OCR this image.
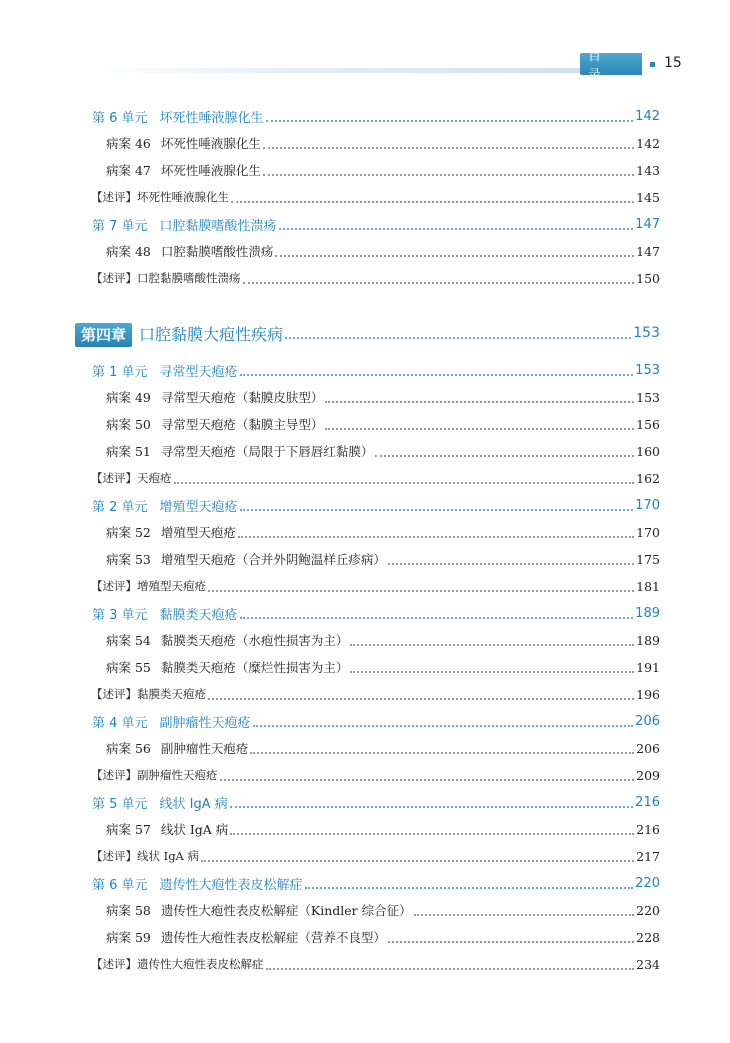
目 录
15
第 6 单元 坏死性唾液腺化生	142
病案 46 坏死性唾液腺化生	142
病案 47 坏死性唾液腺化生	143
【述评】坏死性唾液腺化生	145
第 7 单元 口腔黏膜嗜酸性溃疡	147
病案 48 口腔黏膜嗜酸性溃疡	147
【述评】口腔黏膜嗜酸性溃疡	150
第四章 口腔黏膜大疱性疾病	153
第 1 单元 寻常型天疱疮	153
病案 49 寻常型天疱疮（黏膜皮肤型）	153
病案 50 寻常型天疱疮（黏膜主导型）	156
病案 51 寻常型天疱疮（局限于下唇唇红黏膜）	160
【述评】天疱疮	162
第 2 单元 增殖型天疱疮	170
病案 52 增殖型天疱疮	170
病案 53 增殖型天疱疮（合并外阴鲍温样丘疹病）	175
【述评】增殖型天疱疮	181
第 3 单元 黏膜类天疱疮	189
病案 54 黏膜类天疱疮（水疱性损害为主）	189
病案 55 黏膜类天疱疮（糜烂性损害为主）	191
【述评】黏膜类天疱疮	196
第 4 单元 副肿瘤性天疱疮	206
病案 56 副肿瘤性天疱疮	206
【述评】副肿瘤性天疱疮	209
第 5 单元 线状 IgA 病	216
病案 57 线状 IgA 病	216
【述评】线状 IgA 病	217
第 6 单元 遗传性大疱性表皮松解症	220
病案 58 遗传性大疱性表皮松解症（Kindler 综合征）	220
病案 59 遗传性大疱性表皮松解症（营养不良型）	228
【述评】遗传性大疱性表皮松解症	234
